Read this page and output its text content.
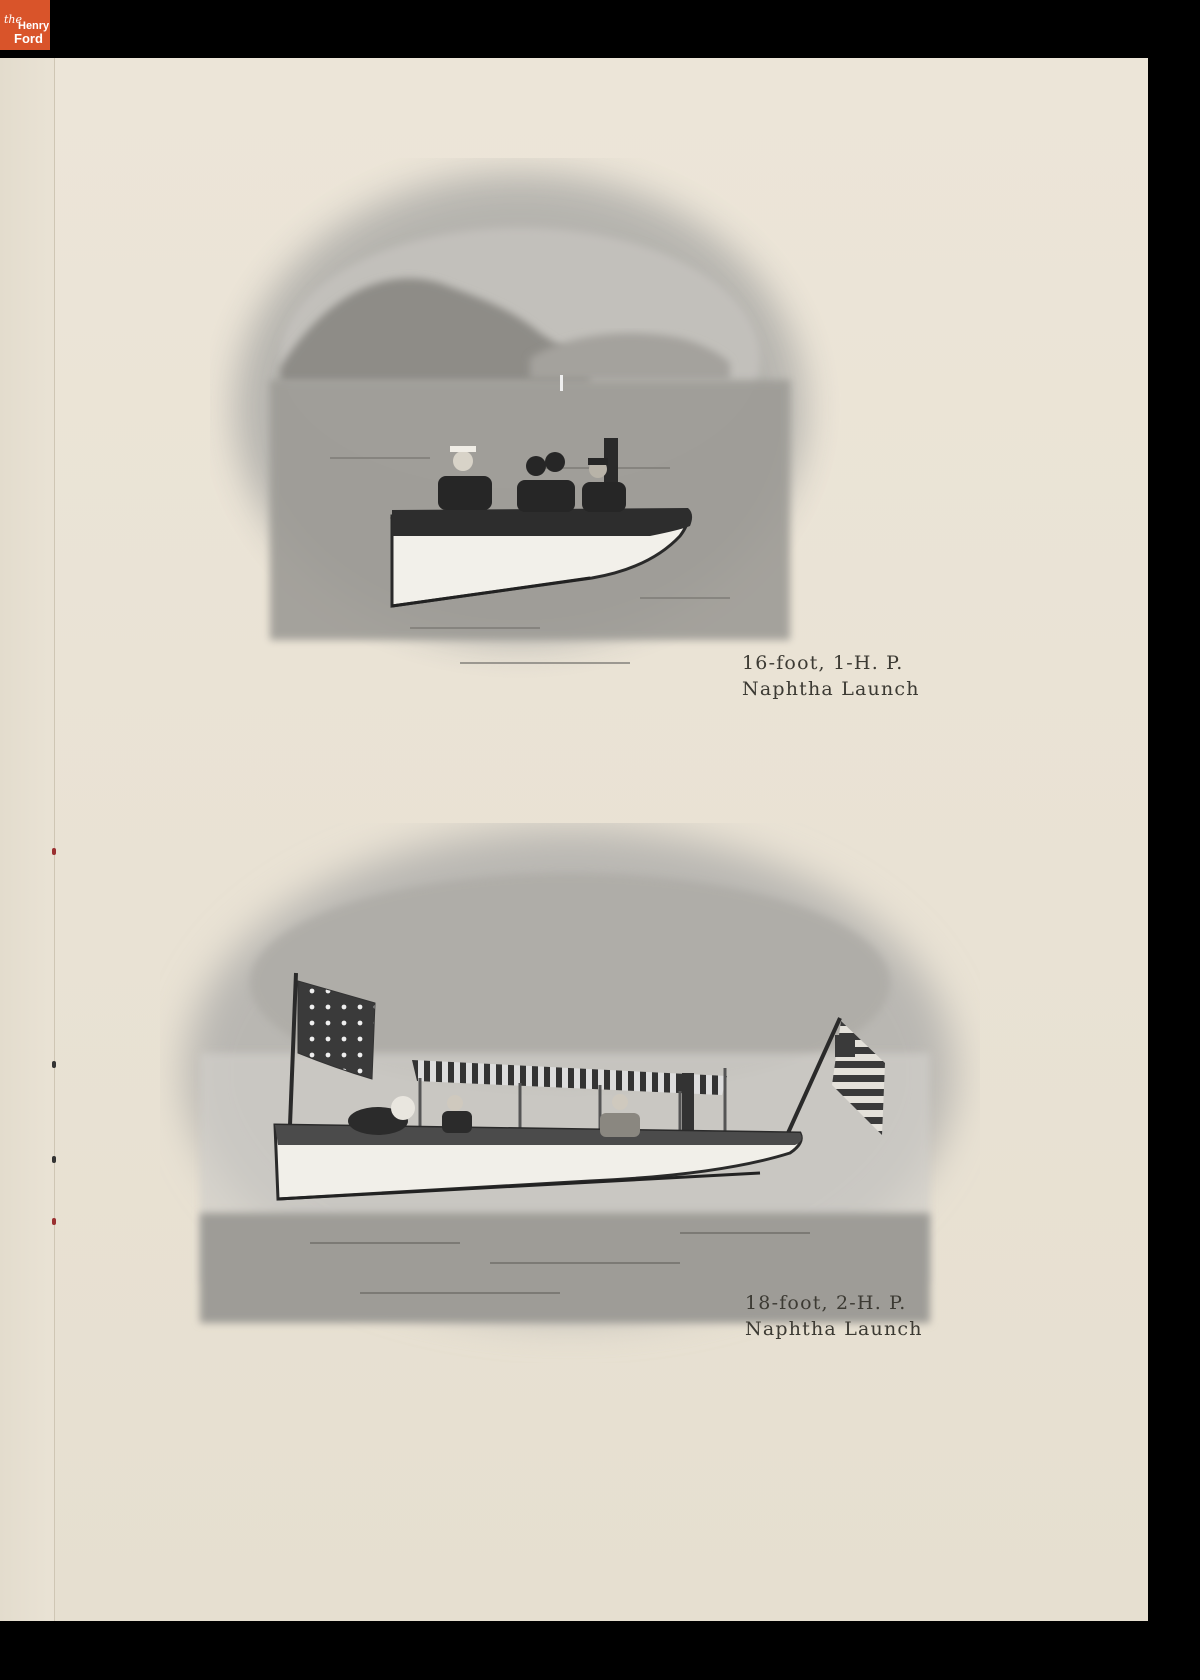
the
Henry
Ford

16-foot, 1-H. P.
Naphtha Launch

18-foot, 2-H. P.
Naphtha Launch
